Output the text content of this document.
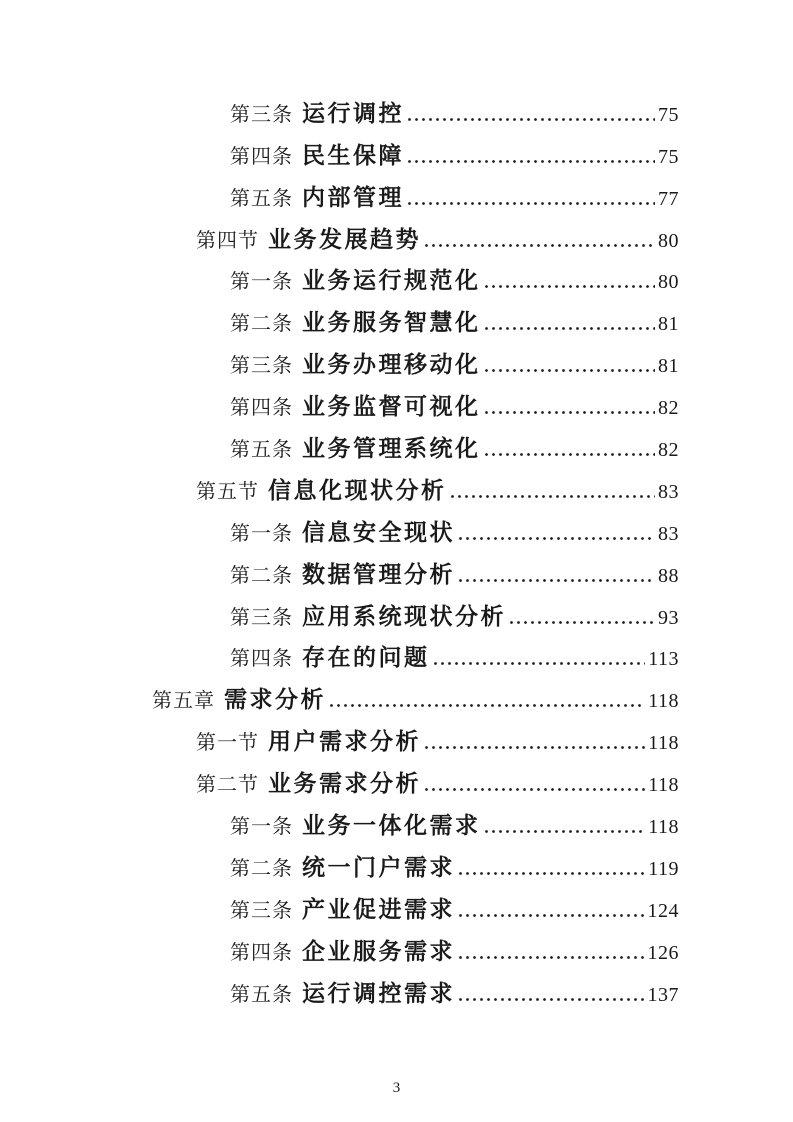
第三条 运行调控	75
第四条 民生保障	75
第五条 内部管理	77
第四节 业务发展趋势	80
第一条 业务运行规范化	80
第二条 业务服务智慧化	81
第三条 业务办理移动化	81
第四条 业务监督可视化	82
第五条 业务管理系统化	82
第五节 信息化现状分析	83
第一条 信息安全现状	83
第二条 数据管理分析	88
第三条 应用系统现状分析	93
第四条 存在的问题	113
第五章 需求分析	118
第一节 用户需求分析	118
第二节 业务需求分析	118
第一条 业务一体化需求	118
第二条 统一门户需求	119
第三条 产业促进需求	124
第四条 企业服务需求	126
第五条 运行调控需求	137
3
